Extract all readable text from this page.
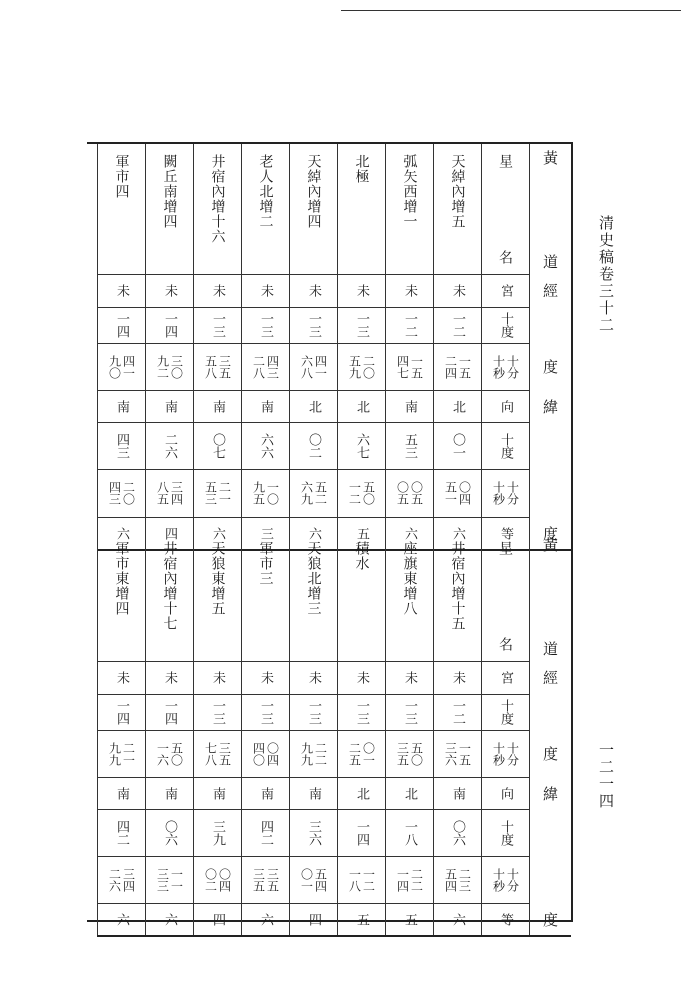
清史稿卷三十二
一二一四
星
名
宮
十度
十分
十秒
向
十度
十分
十秒
等
天綽內增五
未
一二
一五
二四
北
〇一
〇四
五一
六
弧矢西增一
未
一二
一五
四七
南
五三
〇五
〇五
六
北極
未
一三
二〇
五九
北
六七
五〇
一二
五
天綽內增四
未
一三
四一
六八
北
〇二
五二
六九
六
老人北增二
未
一三
四三
二八
南
六六
一〇
九五
三
井宿內增十六
未
一三
三五
五八
南
〇七
二一
五三
六
闕丘南增四
未
一四
三〇
九二
南
二六
三四
八五
四
軍市四
未
一四
四一
九〇
南
四三
二〇
四三
六
黃
道
經
度
緯
度
星
名
宮
十度
十分
十秒
向
十度
十分
十秒
等
井宿內增十五
未
一二
一五
三六
南
〇六
二三
五四
六
座旗東增八
未
一三
五〇
三五
北
一八
二二
一四
五
積水
未
一三
〇一
二五
北
一四
一二
一八
五
天狼北增三
未
一三
二二
九九
南
三六
五四
〇一
四
軍市三
未
一三
〇四
四〇
南
四二
三五
三五
六
天狼東增五
未
一三
三五
七八
南
三九
〇四
〇二
四
井宿內增十七
未
一四
五〇
一六
南
〇六
一一
三三
六
軍市東增四
未
一四
二一
九九
南
四二
三四
二六
六
黃
道
經
度
緯
度
